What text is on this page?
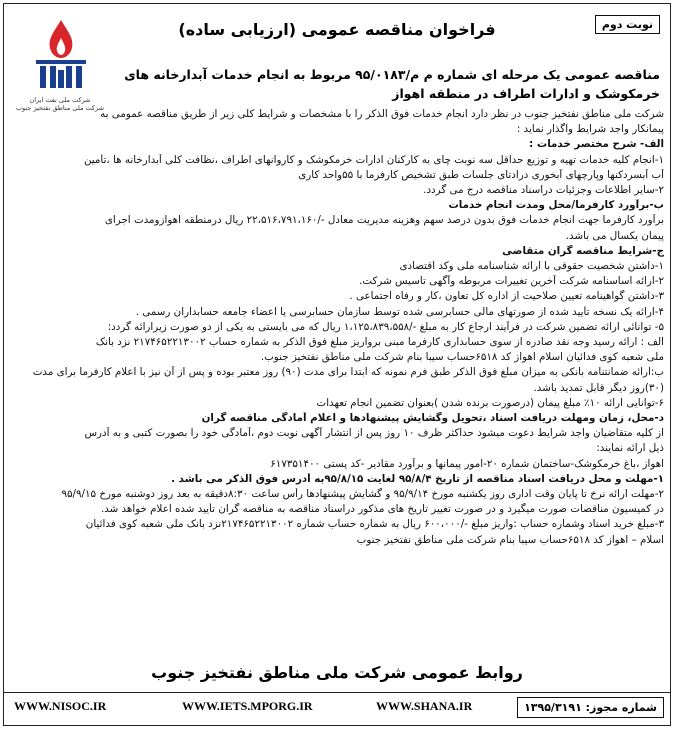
نوبت دوم
فراخوان مناقصه عمومی (ارزیابی ساده)
شرکت ملی نفت ایران
شرکت ملی مناطق نفتخیز جنوب
مناقصه عمومی یک مرحله ای شماره م م/۹۵/۰۱۸۳ مربوط به انجام خدمات آبدارخانه های
خرمکوشک و ادارات اطراف در منطقه اهواز
شرکت ملی مناطق نفتخیز جنوب در نظر دارد انجام خدمات فوق الذکر را با مشخصات و شرایط کلی زیر از طریق مناقصه عمومی به
پیمانکار واجد شرایط واگذار نماید :
الف- شرح مختصر خدمات :
۱-انجام کلیه خدمات تهیه و توزیع حداقل سه نوبت چای به کارکنان ادارات خرمکوشک و کاروانهای اطراف ،نظافت کلی آبدارخانه ها ،تأمین
آب آبسردکنها وپارچهای آبخوری درادتای جلسات طبق تشخیص کارفرما با ۵۵واحد کاری
۲-سایر اطلاعات وجزئیات دراسناد مناقصه درج می گردد.
ب-برآورد کارفرما/محل ومدت انجام خدمات
برآورد کارفرما جهت انجام خدمات فوق بدون درصد سهم وهزینه مدیریت معادل -/۲۲،۵۱۶،۷۹۱،۱۶۰ ریال درمنطقه اهوازومدت اجرای
پیمان یکسال می باشد.
ج-شرایط مناقصه گران متقاضی
۱-داشتن شخصیت حقوقی با ارائه شناسنامه ملی وکد اقتصادی
۲-ارائه اساسنامه شرکت آخرین تغییرات مربوطه وآگهی تاسیس شرکت.
۳-داشتن گواهینامه تعیین صلاحیت از اداره کل تعاون ،کار و رفاه اجتماعی .
۴-ارائه یک نسخه تأیید شده از صورتهای مالی حسابرسی شده توسط سازمان حسابرسی یا اعضاء جامعه حسابداران رسمی .
۵- توانائی ارائه تضمین شرکت در فرآیند ارجاع کار به مبلغ -/۱،۱۲۵،۸۳۹،۵۵۸ ریال که می بایستی به یکی از دو صورت زیرارائه گردد:
الف : ارائه رسید وجه نقد صادره از سوی حسابداری کارفرما مبنی برواریز مبلغ فوق الذکر به شماره حساب ۲۱۷۴۶۵۲۲۱۳۰۰۲ نزد بانک
ملی شعبه کوی فدائیان اسلام اهواز کد ۶۵۱۸حساب سیبا بنام شرکت ملی مناطق نفتخیز جنوب.
ب:ارائه ضمانتنامه بانکی به میزان مبلغ فوق الذکر طبق فرم نمونه که ابتدا برای مدت (۹۰) روز معتبر بوده و پس از آن نیز با اعلام کارفرما برای مدت
(۳۰)روز دیگر قابل تمدید باشد.
۶-توانایی ارائه ۱۰٪ مبلغ پیمان (درصورت برنده شدن )بعنوان تضمین انجام تعهدات
د-محل، زمان ومهلت دریافت اسناد ،تحویل وگشایش پیشنهادها و اعلام آمادگی مناقصه گران
از کلیه متقاضیان واجد شرایط دعوت میشود حداکثر ظرف ۱۰ روز پس از انتشار آگهی نوبت دوم ،آمادگی خود را بصورت کتبی و به آدرس
ذیل ارائه نمایند:
اهواز ،باغ خرمکوشک-ساختمان شماره ۲۰-امور پیمانها و برآورد مقادیر -کد پستی ۶۱۷۳۵۱۴۰۰
۱-مهلت و محل دریافت اسناد مناقصه از تاریخ ۹۵/۸/۴ لغایت ۹۵/۸/۱۵به آدرس فوق الذکر می باشد .
۲-مهلت ارائه نرخ تا پایان وقت اداری روز یکشنبه مورخ ۹۵/۹/۱۴ و گشایش پیشنهادها رأس ساعت ۸:۳۰دقیقه به بعد روز دوشنبه مورخ ۹۵/۹/۱۵
در کمیسیون مناقصات صورت میگیرد و در صورت تغییر تاریخ های مذکور دراسناد مناقصه به مناقصه گران تأیید شده اعلام خواهد شد.
۳-مبلغ خرید اسناد وشماره حساب :واریز مبلغ -/۶۰۰،۰۰۰ ریال به شماره حساب شماره ۲۱۷۴۶۵۲۲۱۳۰۰۲نزد بانک ملی شعبه کوی فدائیان
اسلام – اهواز کد ۶۵۱۸حساب سیبا بنام شرکت ملی مناطق نفتخیز جنوب
روابط عمومی شرکت ملی مناطق نفتخیز جنوب
WWW.NISOC.IR	WWW.IETS.MPORG.IR	WWW.SHANA.IR	شماره مجوز: ۱۳۹۵/۳۱۹۱
